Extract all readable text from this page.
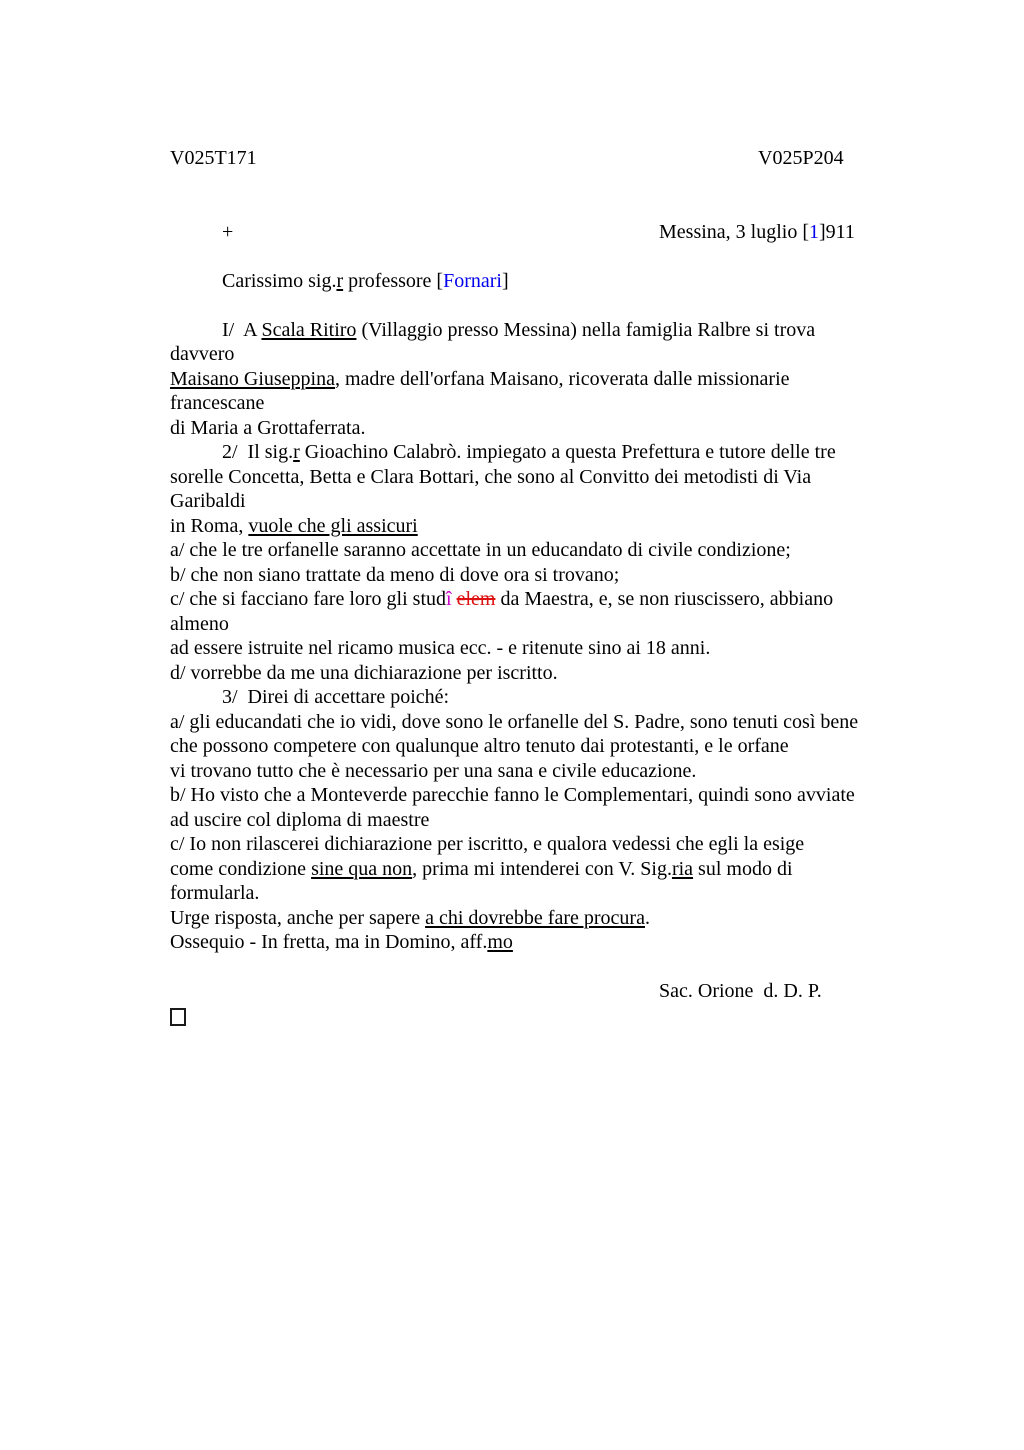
V025T171	V025P204
+	Messina, 3 luglio [1]911
Carissimo sig.r professore [Fornari]
I/  A Scala Ritiro (Villaggio presso Messina) nella famiglia Ralbre si trova
davvero
Maisano Giuseppina, madre dell'orfana Maisano, ricoverata dalle missionarie
francescane
di Maria a Grottaferrata.
2/  Il sig.r Gioachino Calabrò. impiegato a questa Prefettura e tutore delle tre
sorelle Concetta, Betta e Clara Bottari, che sono al Convitto dei metodisti di Via
Garibaldi
in Roma, vuole che gli assicuri
a/ che le tre orfanelle saranno accettate in un educandato di civile condizione;
b/ che non siano trattate da meno di dove ora si trovano;
c/ che si facciano fare loro gli studî elem da Maestra, e, se non riuscissero, abbiano
almeno
ad essere istruite nel ricamo musica ecc. - e ritenute sino ai 18 anni.
d/ vorrebbe da me una dichiarazione per iscritto.
3/  Direi di accettare poiché:
a/ gli educandati che io vidi, dove sono le orfanelle del S. Padre, sono tenuti così bene
che possono competere con qualunque altro tenuto dai protestanti, e le orfane
vi trovano tutto che è necessario per una sana e civile educazione.
b/ Ho visto che a Monteverde parecchie fanno le Complementari, quindi sono avviate
ad uscire col diploma di maestre
c/ Io non rilascerei dichiarazione per iscritto, e qualora vedessi che egli la esige
come condizione sine qua non, prima mi intenderei con V. Sig.ria sul modo di
formularla.
Urge risposta, anche per sapere a chi dovrebbe fare procura.
Ossequio - In fretta, ma in Domino, aff.mo
Sac. Orione  d. D. P.
